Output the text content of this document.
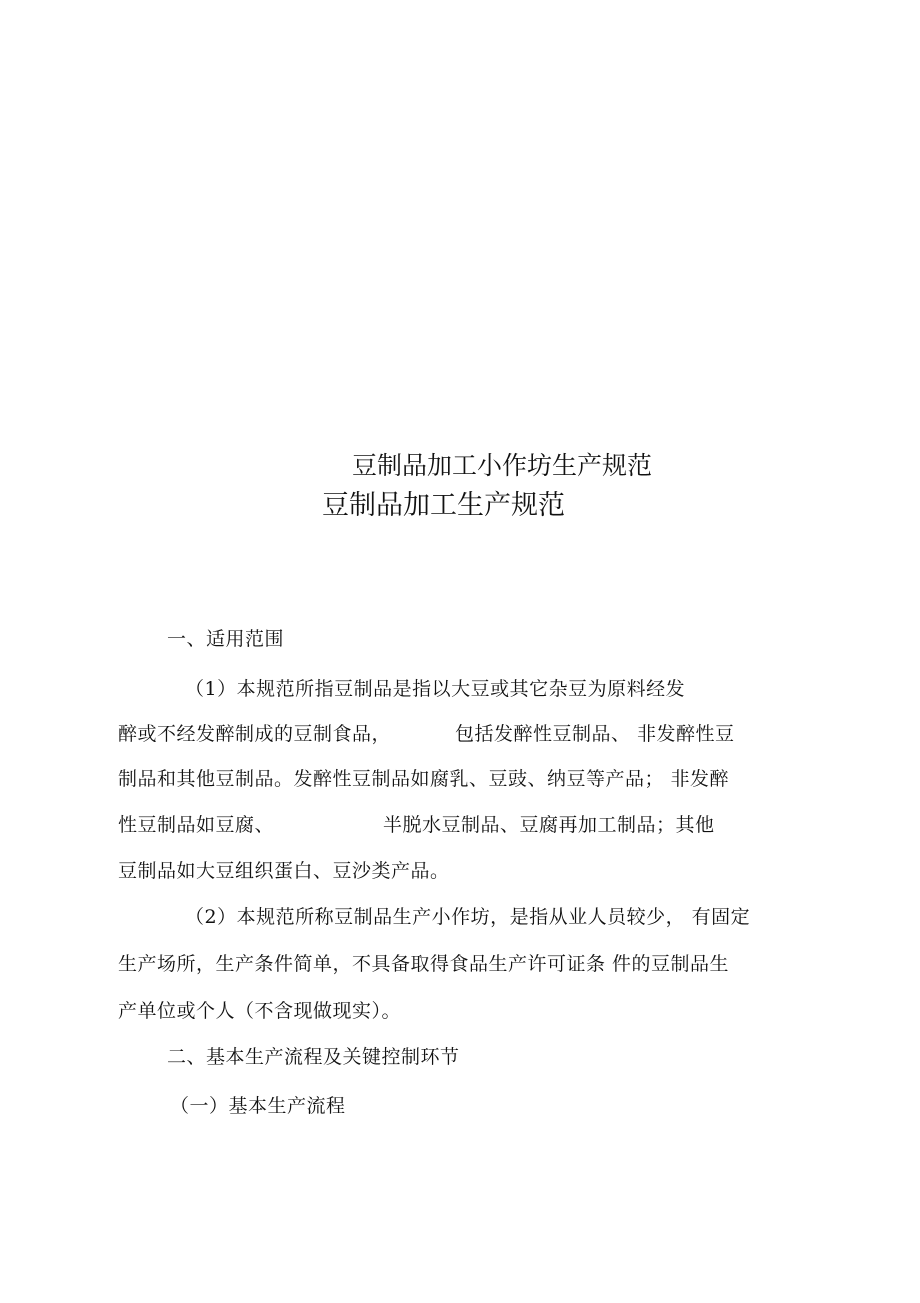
豆制品加工小作坊生产规范
豆制品加工生产规范
一、适用范围
（1）本规范所指豆制品是指以大豆或其它杂豆为原料经发
醉或不经发醉制成的豆制食品，	包括发醉性豆制品、 非发醉性豆
制品和其他豆制品。发醉性豆制品如腐乳、豆豉、纳豆等产品； 非发醉
性豆制品如豆腐、	半脱水豆制品、豆腐再加工制品；其他
豆制品如大豆组织蛋白、豆沙类产品。
（2）本规范所称豆制品生产小作坊，是指从业人员较少， 有固定
生产场所，生产条件简单，不具备取得食品生产许可证条 件的豆制品生
产单位或个人（不含现做现实）。
二、基本生产流程及关键控制环节
（一）基本生产流程
